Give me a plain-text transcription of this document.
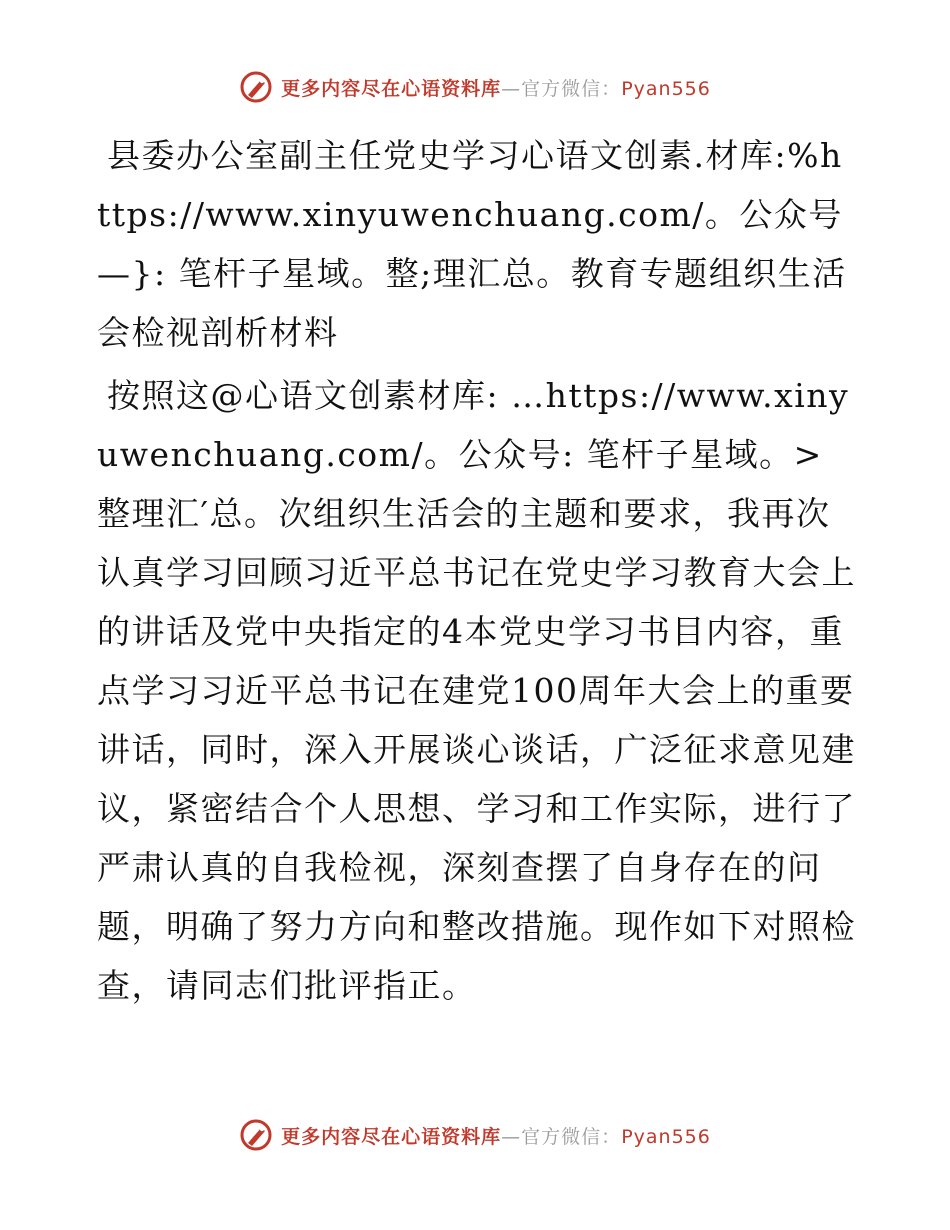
更多内容尽在心语资料库—官方微信：Pyan556

县委办公室副主任党史学习心语文创素.材库:%https://www.xinyuwenchuang.com/。公众号—}: 笔杆子星域。整;理汇总。教育专题组织生活会检视剖析材料

按照这@心语文创素材库: …https://www.xinyuwenchuang.com/。公众号: 笔杆子星域。>整理汇′总。次组织生活会的主题和要求，我再次认真学习回顾习近平总书记在党史学习教育大会上的讲话及党中央指定的4本党史学习书目内容，重点学习习近平总书记在建党100周年大会上的重要讲话，同时，深入开展谈心谈话，广泛征求意见建议，紧密结合个人思想、学习和工作实际，进行了严肃认真的自我检视，深刻查摆了自身存在的问题，明确了努力方向和整改措施。现作如下对照检查，请同志们批评指正。

更多内容尽在心语资料库—官方微信：Pyan556
